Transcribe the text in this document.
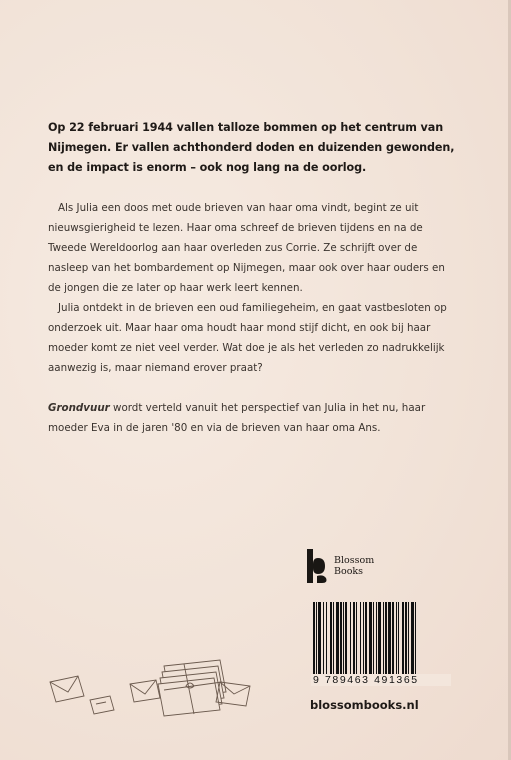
Op 22 februari 1944 vallen talloze bommen op het centrum van Nijmegen. Er vallen achthonderd doden en duizenden gewonden, en de impact is enorm – ook nog lang na de oorlog.

Als Julia een doos met oude brieven van haar oma vindt, begint ze uit nieuwsgierigheid te lezen. Haar oma schreef de brieven tijdens en na de Tweede Wereldoorlog aan haar overleden zus Corrie. Ze schrijft over de nasleep van het bombardement op Nijmegen, maar ook over haar ouders en de jongen die ze later op haar werk leert kennen.

Julia ontdekt in de brieven een oud familiegeheim, en gaat vastbesloten op onderzoek uit. Maar haar oma houdt haar mond stijf dicht, en ook bij haar moeder komt ze niet veel verder. Wat doe je als het verleden zo nadrukkelijk aanwezig is, maar niemand erover praat?

Grondvuur wordt verteld vanuit het perspectief van Julia in het nu, haar moeder Eva in de jaren '80 en via de brieven van haar oma Ans.

Blossom
Books
9 789463 491365
blossombooks.nl
